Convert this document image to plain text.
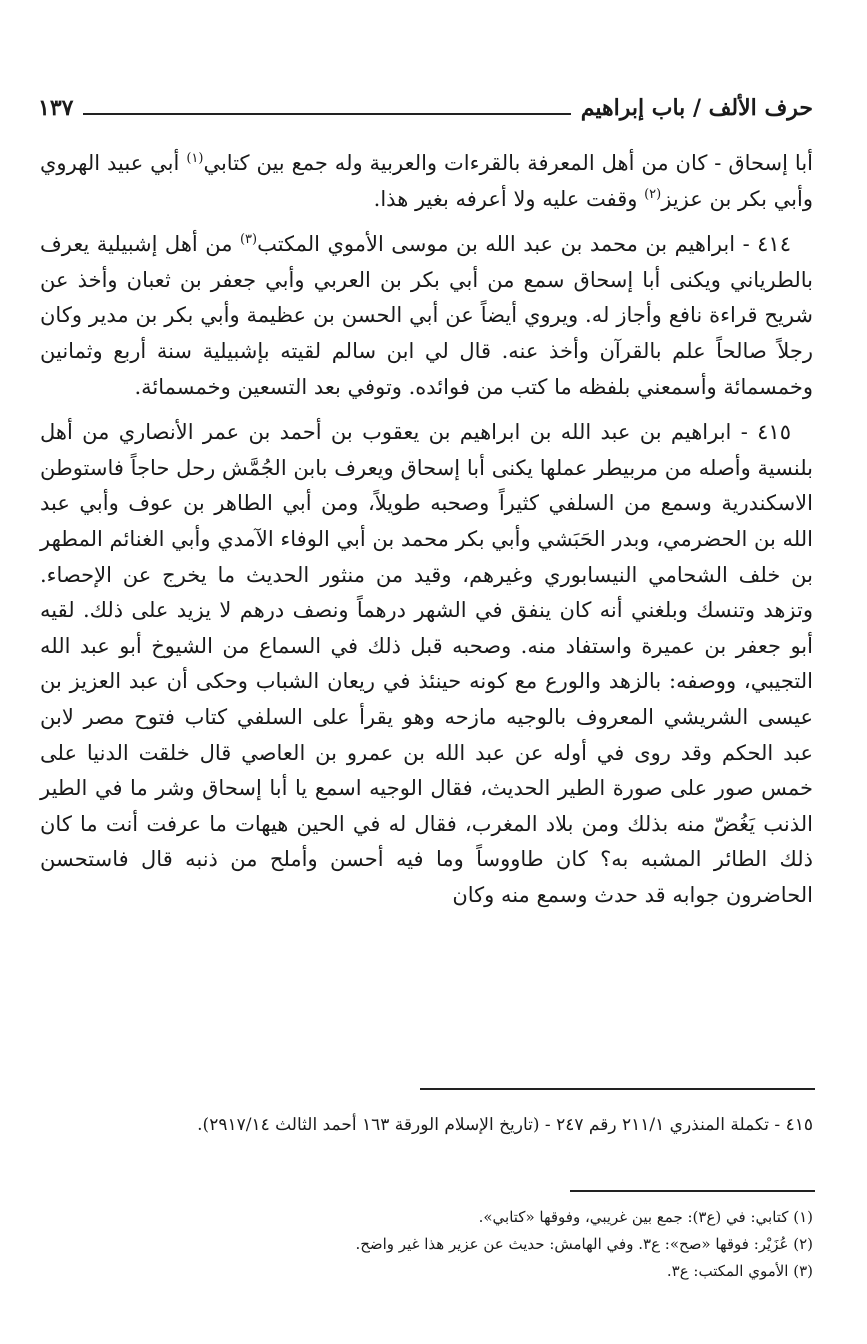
حرف الألف / باب إبراهيم
١٣٧

أبا إسحاق - كان من أهل المعرفة بالقرءات والعربية وله جمع بين كتابي$^{(١)}$ أبي عبيد الهروي وأبي بكر بن عزيز$^{(٢)}$ وقفت عليه ولا أعرفه بغير هذا.

٤١٤ - ابراهيم بن محمد بن عبد الله بن موسى الأموي المكتب$^{(٣)}$ من أهل إشبيلية يعرف بالطرياني ويكنى أبا إسحاق سمع من أبي بكر بن العربي وأبي جعفر بن ثعبان وأخذ عن شريح قراءة نافع وأجاز له. ويروي أيضاً عن أبي الحسن بن عظيمة وأبي بكر بن مدير وكان رجلاً صالحاً علم بالقرآن وأخذ عنه. قال لي ابن سالم لقيته بإشبيلية سنة أربع وثمانين وخمسمائة وأسمعني بلفظه ما كتب من فوائده. وتوفي بعد التسعين وخمسمائة.

٤١٥ - ابراهيم بن عبد الله بن ابراهيم بن يعقوب بن أحمد بن عمر الأنصاري من أهل بلنسية وأصله من مربيطر عملها يكنى أبا إسحاق ويعرف بابن الجُمَّش رحل حاجاً فاستوطن الاسكندرية وسمع من السلفي كثيراً وصحبه طويلاً، ومن أبي الطاهر بن عوف وأبي عبد الله بن الحضرمي، وبدر الحَبَشي وأبي بكر محمد بن أبي الوفاء الآمدي وأبي الغنائم المطهر بن خلف الشحامي النيسابوري وغيرهم، وقيد من منثور الحديث ما يخرج عن الإحصاء. وتزهد وتنسك وبلغني أنه كان ينفق في الشهر درهماً ونصف درهم لا يزيد على ذلك. لقيه أبو جعفر بن عميرة واستفاد منه. وصحبه قبل ذلك في السماع من الشيوخ أبو عبد الله التجيبي، ووصفه: بالزهد والورع مع كونه حينئذ في ريعان الشباب وحكى أن عبد العزيز بن عيسى الشريشي المعروف بالوجيه مازحه وهو يقرأ على السلفي كتاب فتوح مصر لابن عبد الحكم وقد روى في أوله عن عبد الله بن عمرو بن العاصي قال خلقت الدنيا على خمس صور على صورة الطير الحديث، فقال الوجيه اسمع يا أبا إسحاق وشر ما في الطير الذنب يَغُضّ منه بذلك ومن بلاد المغرب، فقال له في الحين هيهات ما عرفت أنت ما كان ذلك الطائر المشبه به؟ كان طاووساً وما فيه أحسن وأملح من ذنبه قال فاستحسن الحاضرون جوابه قد حدث وسمع منه وكان

٤١٥ - تكملة المنذري ٢١١/١ رقم ٢٤٧ - (تاريخ الإسلام الورقة ١٦٣ أحمد الثالث ٢٩١٧/١٤).
(١) كتابي: في (ع٣): جمع بين غريبي، وفوقها «كتابي».
(٢) عُزَيْر: فوقها «صح»: ع٣. وفي الهامش: حديث عن عزير هذا غير واضح.
(٣) الأموي المكتب: ع٣.
